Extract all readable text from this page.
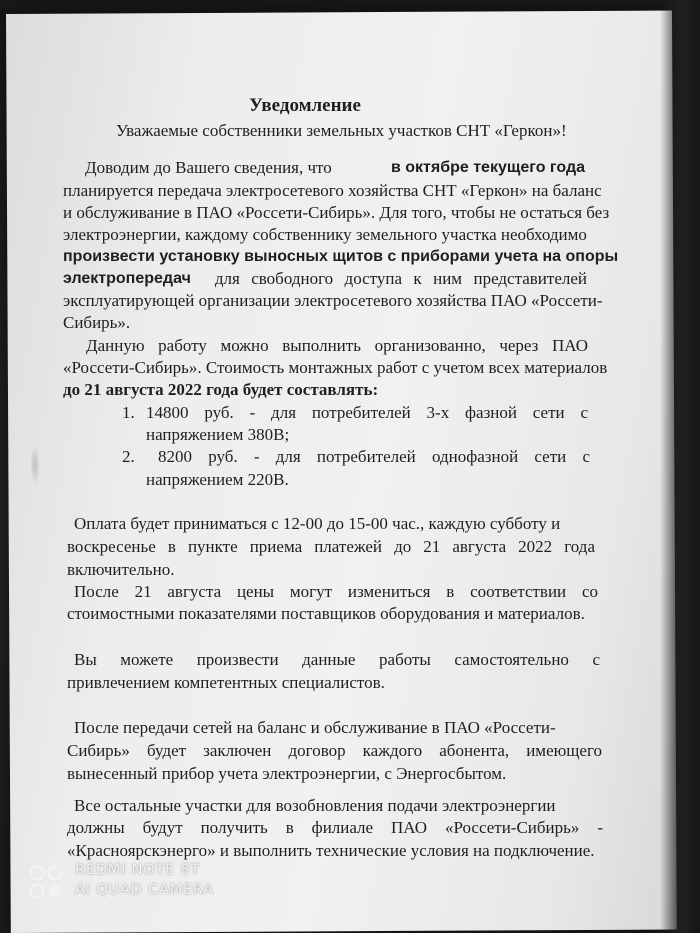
Уведомление
Уважаемые собственники земельных участков СНТ «Геркон»!
Доводим до Вашего сведения, что	в октябре текущего года
планируется передача электросетевого хозяйства СНТ «Геркон» на баланс
и обслуживание в ПАО «Россети-Сибирь». Для того, чтобы не остаться без
электроэнергии, каждому собственнику земельного участка необходимо
произвести установку выносных щитов с приборами учета на опоры
электропередач для свободного доступа к ним представителей
эксплуатирующей организации электросетевого хозяйства ПАО «Россети-
Сибирь».
Данную работу можно выполнить организованно, через ПАО
«Россети-Сибирь». Стоимость монтажных работ с учетом всех материалов
до 21 августа 2022 года будет составлять:
1. 14800 руб. - для потребителей 3-х фазной сети с
напряжением 380В;
2. 8200 руб. - для потребителей однофазной сети с
напряжением 220В.
Оплата будет приниматься с 12-00 до 15-00 час., каждую субботу и
воскресенье в пункте приема платежей до 21 августа 2022 года
включительно.
После 21 августа цены могут измениться в соответствии со
стоимостными показателями поставщиков оборудования и материалов.
Вы можете произвести данные работы самостоятельно с
привлечением компетентных специалистов.
После передачи сетей на баланс и обслуживание в ПАО «Россети-
Сибирь» будет заключен договор каждого абонента, имеющего
вынесенный прибор учета электроэнергии, с Энергосбытом.
Все остальные участки для возобновления подачи электроэнергии
должны будут получить в филиале ПАО «Россети-Сибирь» -
«Красноярскэнерго» и выполнить технические условия на подключение.
REDMI NOTE 8T
AI QUAD CAMERA
